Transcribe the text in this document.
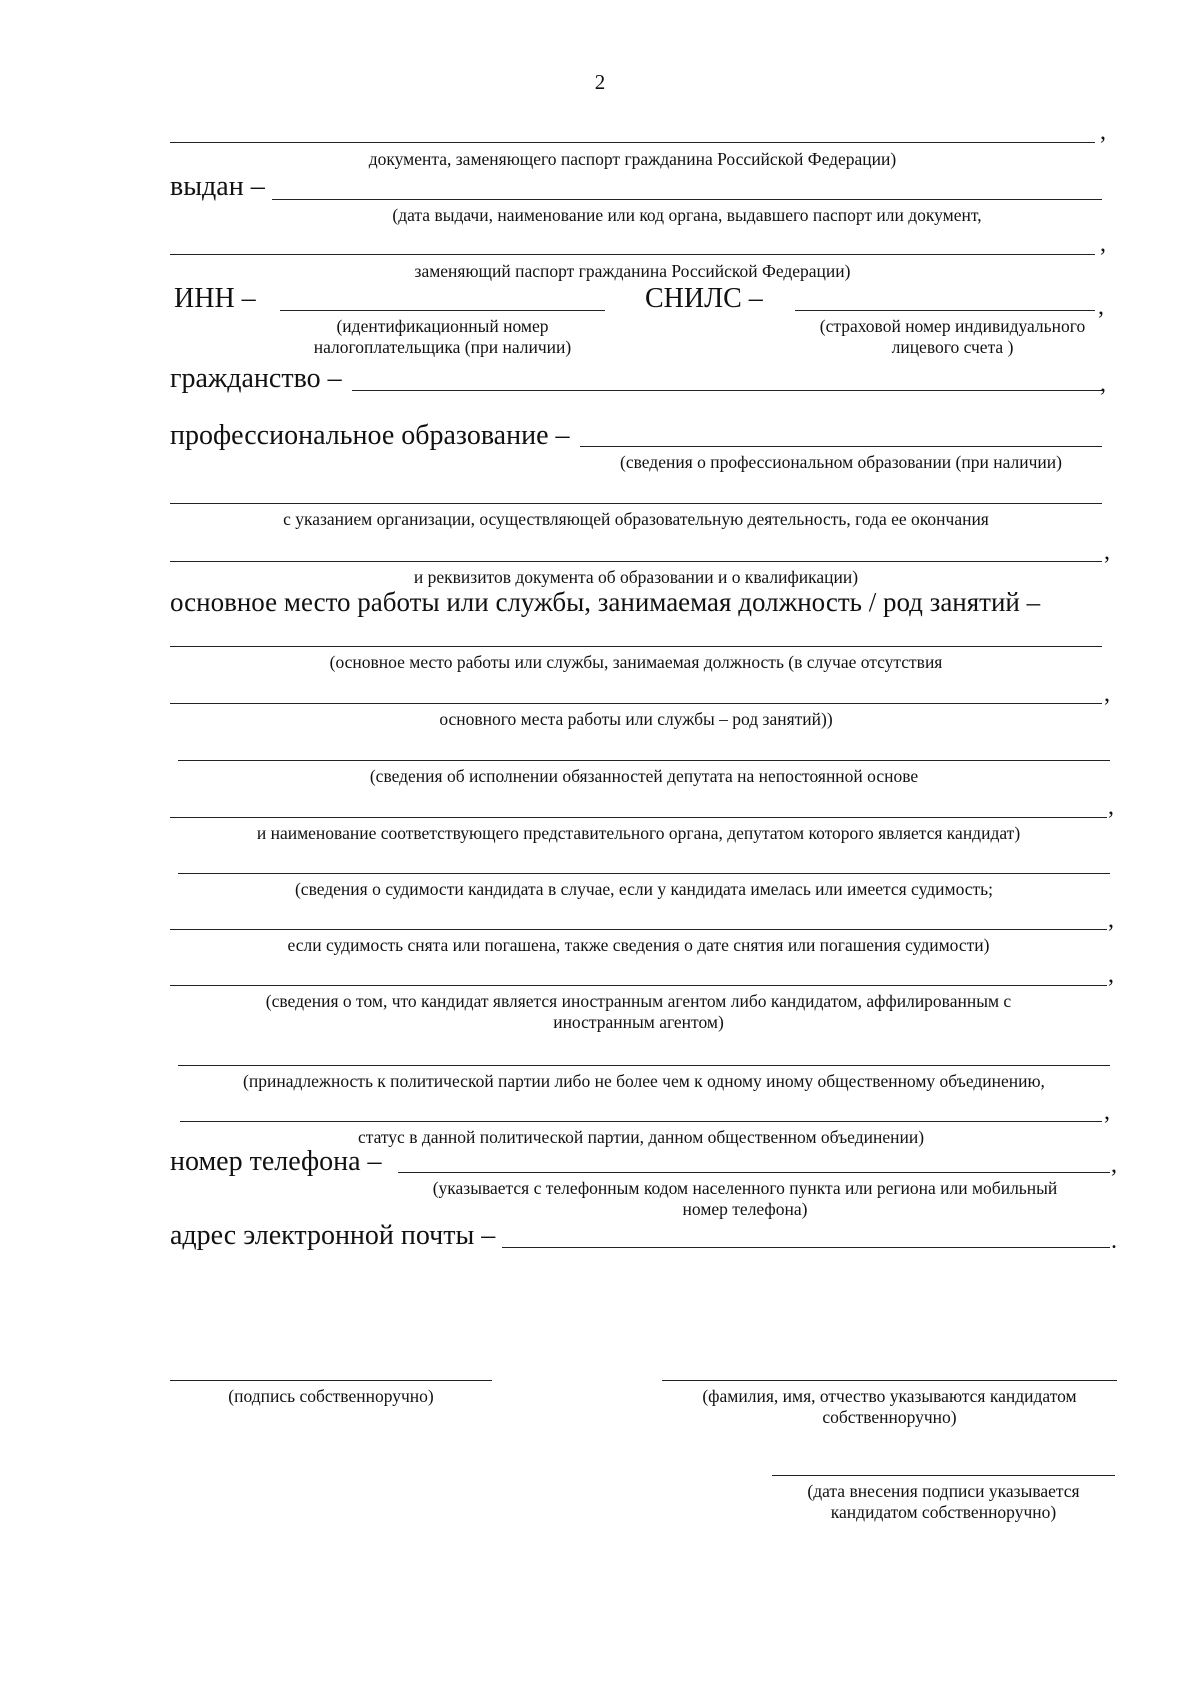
2
,
документа, заменяющего паспорт гражданина Российской Федерации)
выдан –
(дата выдачи, наименование или код органа, выдавшего паспорт или документ,
,
заменяющий паспорт гражданина Российской Федерации)
ИНН –
(идентификационный номер
налогоплательщика (при наличии)
СНИЛС –	,
(страховой номер индивидуального
лицевого счета )
гражданство –	,
профессиональное образование –
(сведения о профессиональном образовании (при наличии)
с указанием организации, осуществляющей образовательную деятельность, года ее окончания
,
и реквизитов документа об образовании и о квалификации)
основное место работы или службы, занимаемая должность / род занятий –
(основное место работы или службы, занимаемая должность (в случае отсутствия
,
основного места работы или службы – род занятий))
(сведения об исполнении обязанностей депутата на непостоянной основе
,
и наименование соответствующего представительного органа, депутатом которого является кандидат)
(сведения о судимости кандидата в случае, если у кандидата имелась или имеется судимость;
,
если судимость снята или погашена, также сведения о дате снятия или погашения судимости)
,
(сведения о том, что кандидат является иностранным агентом либо кандидатом, аффилированным с
иностранным агентом)
(принадлежность к политической партии либо не более чем к одному иному общественному объединению,
,
статус в данной политической партии, данном общественном объединении)
номер телефона –	,
(указывается с телефонным кодом населенного пункта или региона или мобильный
номер телефона)
адрес электронной почты –	.
(подпись собственноручно)	(фамилия, имя, отчество указываются кандидатом
собственноручно)
(дата внесения подписи указывается
кандидатом собственноручно)
